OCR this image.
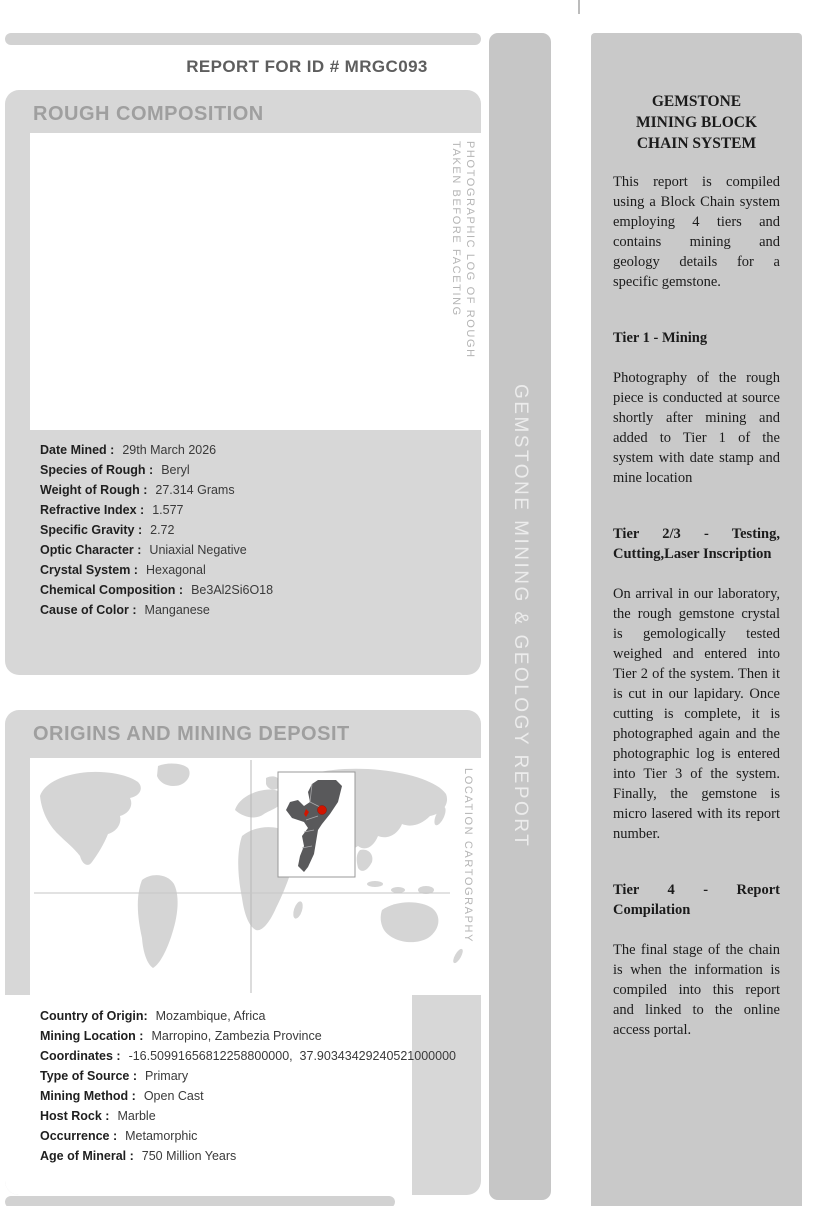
REPORT FOR ID # MRGC093
ROUGH COMPOSITION
PHOTOGRAPHIC LOG OF ROUGH
TAKEN BEFORE FACETING
Date Mined : 29th March 2026
Species of Rough : Beryl
Weight of Rough : 27.314 Grams
Refractive Index : 1.577
Specific Gravity : 2.72
Optic Character : Uniaxial Negative
Crystal System : Hexagonal
Chemical Composition : Be3Al2Si6O18
Cause of Color : Manganese
ORIGINS AND MINING DEPOSIT
LOCATION CARTOGRAPHY
Country of Origin: Mozambique, Africa
Mining Location : Marropino, Zambezia Province
Coordinates : -16.50991656812258800000,  37.90343429240521000000
Type of Source : Primary
Mining Method : Open Cast
Host Rock : Marble
Occurrence : Metamorphic
Age of Mineral : 750 Million Years
GEMSTONE MINING & GEOLOGY REPORT
GEMSTONE MINING BLOCK CHAIN SYSTEM

This report is compiled using a Block Chain system employing 4 tiers and contains mining and geology details for a specific gemstone.

Tier 1 - Mining

Photography of the rough piece is conducted at source shortly after mining and added to Tier 1 of the system with date stamp and mine location

Tier 2/3 - Testing, Cutting,Laser Inscription

On arrival in our laboratory, the rough gemstone crystal is gemologically tested weighed and entered into Tier 2 of the system. Then it is cut in our lapidary. Once cutting is complete, it is photographed again and the photographic log is entered into Tier 3 of the system. Finally, the gemstone is micro lasered with its report number.

Tier 4 - Report Compilation

The final stage of the chain is when the information is compiled into this report and linked to the online access portal.
